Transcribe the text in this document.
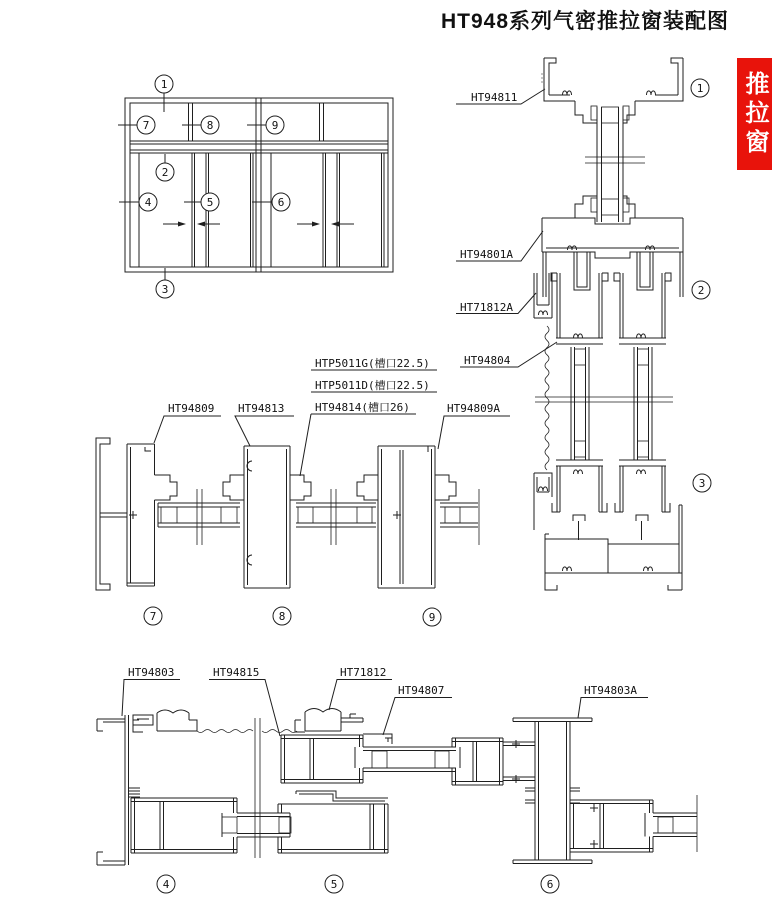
HT948系列气密推拉窗装配图
推拉窗
1
2
3
4	5	6
7	8	9
1
2
3
HT94811
HT94801A
HT71812A
HT94804
7	8	9
HT94809 HT94813
HTP5011G(槽口22.5)
HTP5011D(槽口22.5)
HT94814(槽口26)	HT94809A
4	5	6
HT94803	HT94815	HT71812
HT94807	HT94803A
